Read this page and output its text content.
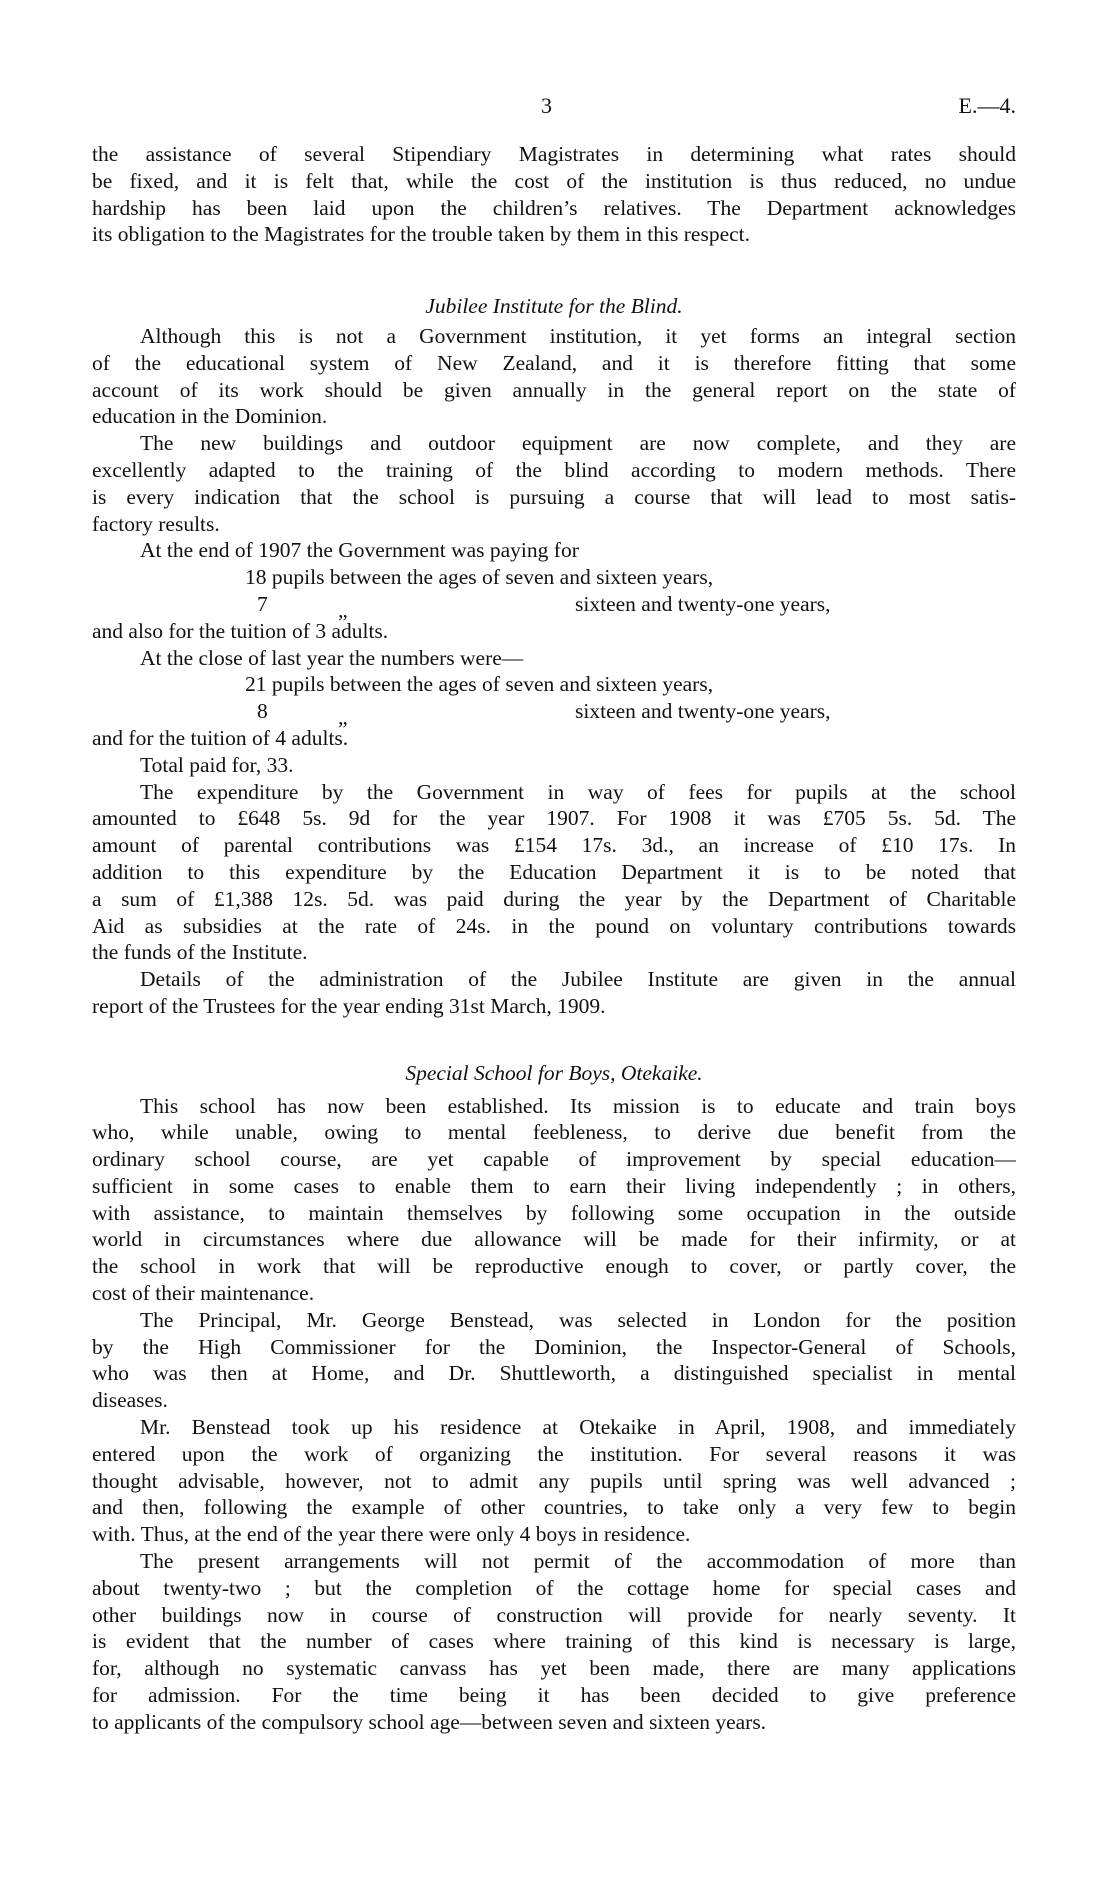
3	E.—4.
the assistance of several Stipendiary Magistrates in determining what rates should
be fixed, and it is felt that, while the cost of the institution is thus reduced, no undue
hardship has been laid upon the children’s relatives. The Department acknowledges
its obligation to the Magistrates for the trouble taken by them in this respect.
Jubilee Institute for the Blind.
Although this is not a Government institution, it yet forms an integral section
of the educational system of New Zealand, and it is therefore fitting that some
account of its work should be given annually in the general report on the state of
education in the Dominion.
The new buildings and outdoor equipment are now complete, and they are
excellently adapted to the training of the blind according to modern methods. There
is every indication that the school is pursuing a course that will lead to most satis-
factory results.
At the end of 1907 the Government was paying for
18 pupils between the ages of seven and sixteen years,
7	„	sixteen and twenty-one years,
and also for the tuition of 3 adults.
At the close of last year the numbers were—
21 pupils between the ages of seven and sixteen years,
8	„	sixteen and twenty-one years,
and for the tuition of 4 adults.
Total paid for, 33.
The expenditure by the Government in way of fees for pupils at the school
amounted to £648 5s. 9d for the year 1907. For 1908 it was £705 5s. 5d. The
amount of parental contributions was £154 17s. 3d., an increase of £10 17s. In
addition to this expenditure by the Education Department it is to be noted that
a sum of £1,388 12s. 5d. was paid during the year by the Department of Charitable
Aid as subsidies at the rate of 24s. in the pound on voluntary contributions towards
the funds of the Institute.
Details of the administration of the Jubilee Institute are given in the annual
report of the Trustees for the year ending 31st March, 1909.
Special School for Boys, Otekaike.
This school has now been established. Its mission is to educate and train boys
who, while unable, owing to mental feebleness, to derive due benefit from the
ordinary school course, are yet capable of improvement by special education—
sufficient in some cases to enable them to earn their living independently ; in others,
with assistance, to maintain themselves by following some occupation in the outside
world in circumstances where due allowance will be made for their infirmity, or at
the school in work that will be reproductive enough to cover, or partly cover, the
cost of their maintenance.
The Principal, Mr. George Benstead, was selected in London for the position
by the High Commissioner for the Dominion, the Inspector-General of Schools,
who was then at Home, and Dr. Shuttleworth, a distinguished specialist in mental
diseases.
Mr. Benstead took up his residence at Otekaike in April, 1908, and immediately
entered upon the work of organizing the institution. For several reasons it was
thought advisable, however, not to admit any pupils until spring was well advanced ;
and then, following the example of other countries, to take only a very few to begin
with. Thus, at the end of the year there were only 4 boys in residence.
The present arrangements will not permit of the accommodation of more than
about twenty-two ; but the completion of the cottage home for special cases and
other buildings now in course of construction will provide for nearly seventy. It
is evident that the number of cases where training of this kind is necessary is large,
for, although no systematic canvass has yet been made, there are many applications
for admission. For the time being it has been decided to give preference
to applicants of the compulsory school age—between seven and sixteen years.
